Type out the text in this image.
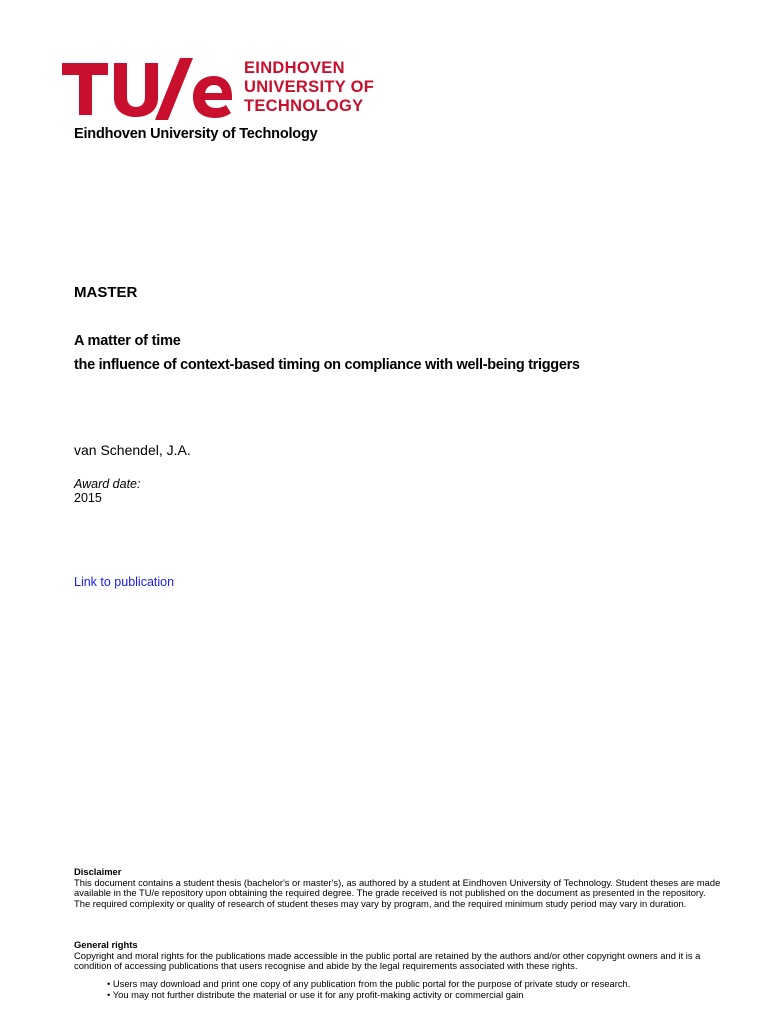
EINDHOVEN
UNIVERSITY OF
TECHNOLOGY
Eindhoven University of Technology
MASTER
A matter of time
the influence of context-based timing on compliance with well-being triggers
van Schendel, J.A.
Award date:
2015
Link to publication
Disclaimer
This document contains a student thesis (bachelor's or master's), as authored by a student at Eindhoven University of Technology. Student theses are made available in the TU/e repository upon obtaining the required degree. The grade received is not published on the document as presented in the repository. The required complexity or quality of research of student theses may vary by program, and the required minimum study period may vary in duration.
General rights
Copyright and moral rights for the publications made accessible in the public portal are retained by the authors and/or other copyright owners and it is a condition of accessing publications that users recognise and abide by the legal requirements associated with these rights.
• Users may download and print one copy of any publication from the public portal for the purpose of private study or research.
• You may not further distribute the material or use it for any profit-making activity or commercial gain
